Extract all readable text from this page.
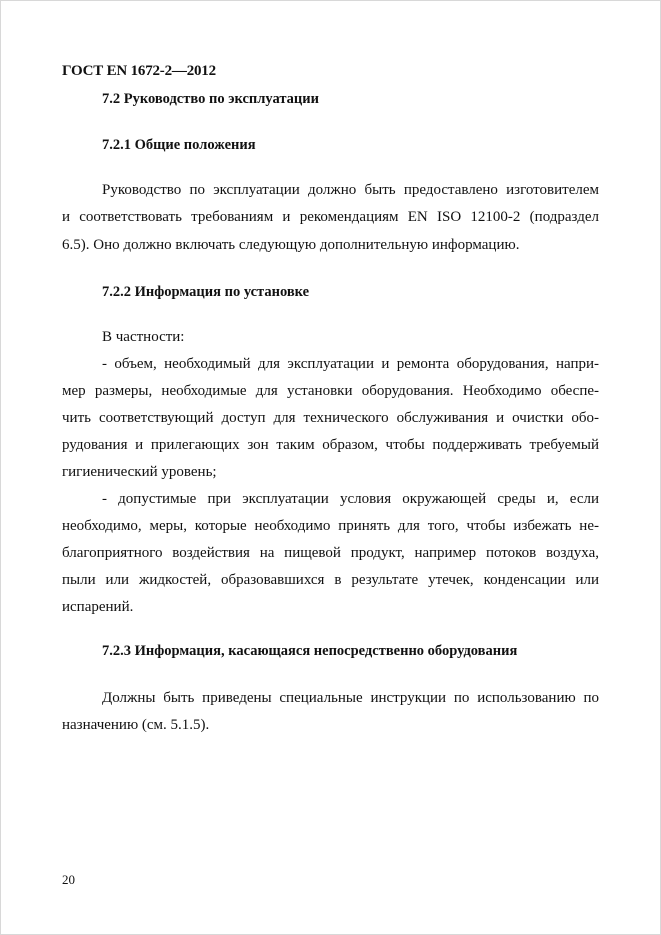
ГОСТ EN 1672-2—2012
7.2 Руководство по эксплуатации
7.2.1 Общие положения
Руководство по эксплуатации должно быть предоставлено изготовителем
и соответствовать требованиям и рекомендациям EN ISO 12100-2 (подраздел
6.5). Оно должно включать следующую дополнительную информацию.
7.2.2 Информация по установке
В частности:
- объем, необходимый для эксплуатации и ремонта оборудования, напри-
мер размеры, необходимые для установки оборудования. Необходимо обеспе-
чить соответствующий доступ для технического обслуживания и очистки обо-
рудования и прилегающих зон таким образом, чтобы поддерживать требуемый
гигиенический уровень;
- допустимые при эксплуатации условия окружающей среды и, если
необходимо, меры, которые необходимо принять для того, чтобы избежать не-
благоприятного воздействия на пищевой продукт, например потоков воздуха,
пыли или жидкостей, образовавшихся в результате утечек, конденсации или
испарений.
7.2.3 Информация, касающаяся непосредственно оборудования
Должны быть приведены специальные инструкции по использованию по
назначению (см. 5.1.5).
20
